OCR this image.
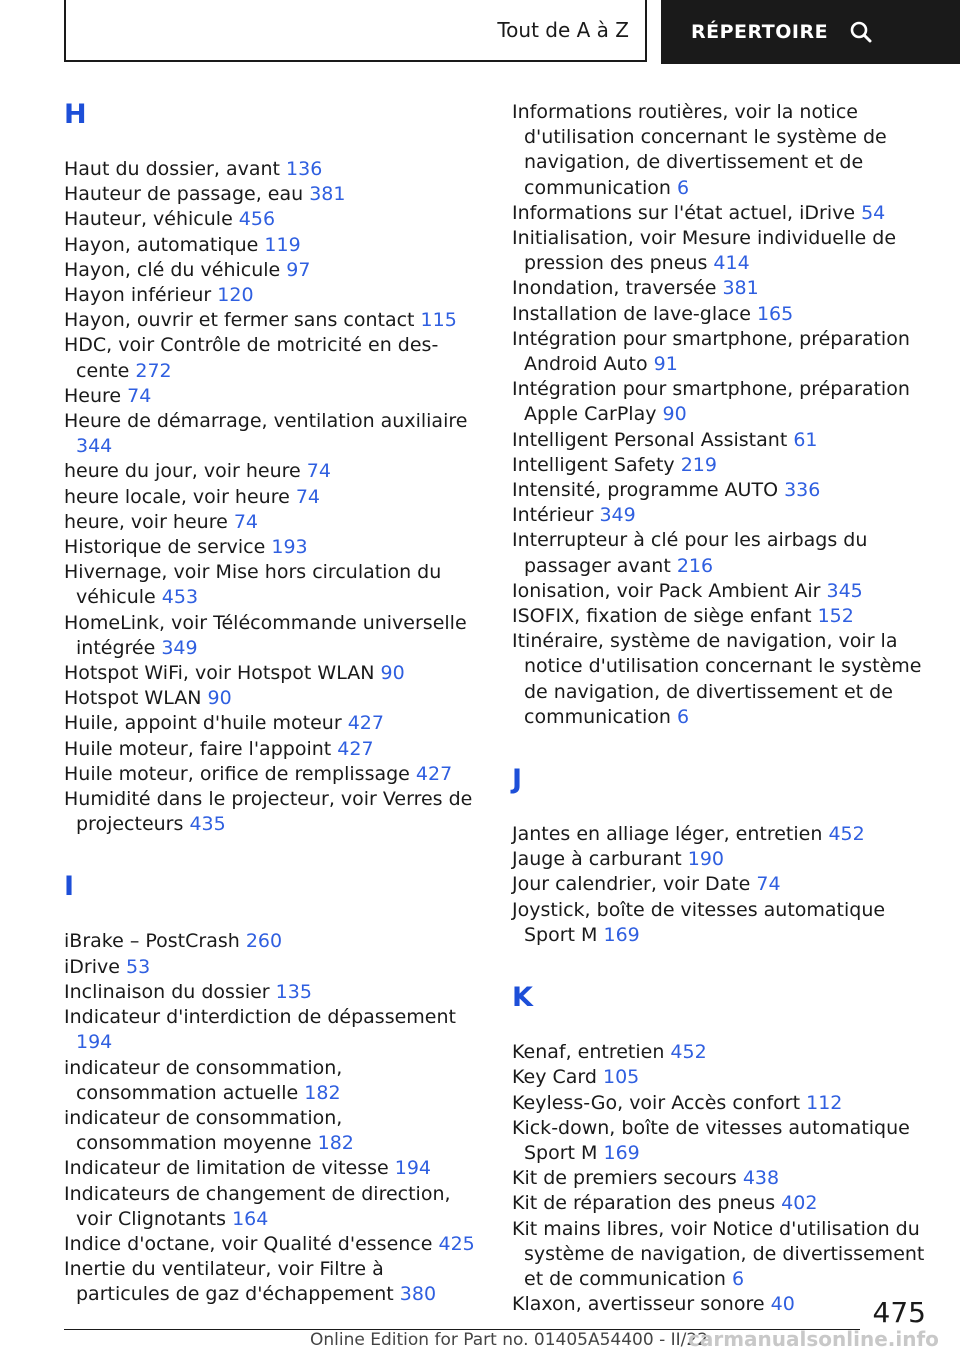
Tout de A à Z	RÉPERTOIRE
H
Haut du dossier, avant 136
Hauteur de passage, eau 381
Hauteur, véhicule 456
Hayon, automatique 119
Hayon, clé du véhicule 97
Hayon inférieur 120
Hayon, ouvrir et fermer sans contact 115
HDC, voir Contrôle de motricité en descente 272
Heure 74
Heure de démarrage, ventilation auxiliaire 344
heure du jour, voir heure 74
heure locale, voir heure 74
heure, voir heure 74
Historique de service 193
Hivernage, voir Mise hors circulation du véhicule 453
HomeLink, voir Télécommande universelle intégrée 349
Hotspot WiFi, voir Hotspot WLAN 90
Hotspot WLAN 90
Huile, appoint d'huile moteur 427
Huile moteur, faire l'appoint 427
Huile moteur, orifice de remplissage 427
Humidité dans le projecteur, voir Verres de projecteurs 435
I
iBrake – PostCrash 260
iDrive 53
Inclinaison du dossier 135
Indicateur d'interdiction de dépassement 194
indicateur de consommation, consommation actuelle 182
indicateur de consommation, consommation moyenne 182
Indicateur de limitation de vitesse 194
Indicateurs de changement de direction, voir Clignotants 164
Indice d'octane, voir Qualité d'essence 425
Inertie du ventilateur, voir Filtre à particules de gaz d'échappement 380
Informations routières, voir la notice d'utilisation concernant le système de navigation, de divertissement et de communication 6
Informations sur l'état actuel, iDrive 54
Initialisation, voir Mesure individuelle de pression des pneus 414
Inondation, traversée 381
Installation de lave-glace 165
Intégration pour smartphone, préparation Android Auto 91
Intégration pour smartphone, préparation Apple CarPlay 90
Intelligent Personal Assistant 61
Intelligent Safety 219
Intensité, programme AUTO 336
Intérieur 349
Interrupteur à clé pour les airbags du passager avant 216
Ionisation, voir Pack Ambient Air 345
ISOFIX, fixation de siège enfant 152
Itinéraire, système de navigation, voir la notice d'utilisation concernant le système de navigation, de divertissement et de communication 6
J
Jantes en alliage léger, entretien 452
Jauge à carburant 190
Jour calendrier, voir Date 74
Joystick, boîte de vitesses automatique Sport M 169
K
Kenaf, entretien 452
Key Card 105
Keyless-Go, voir Accès confort 112
Kick-down, boîte de vitesses automatique Sport M 169
Kit de premiers secours 438
Kit de réparation des pneus 402
Kit mains libres, voir Notice d'utilisation du système de navigation, de divertissement et de communication 6
Klaxon, avertisseur sonore 40	475
Online Edition for Part no. 01405A54400 - II/22
carmanualsonline.info
